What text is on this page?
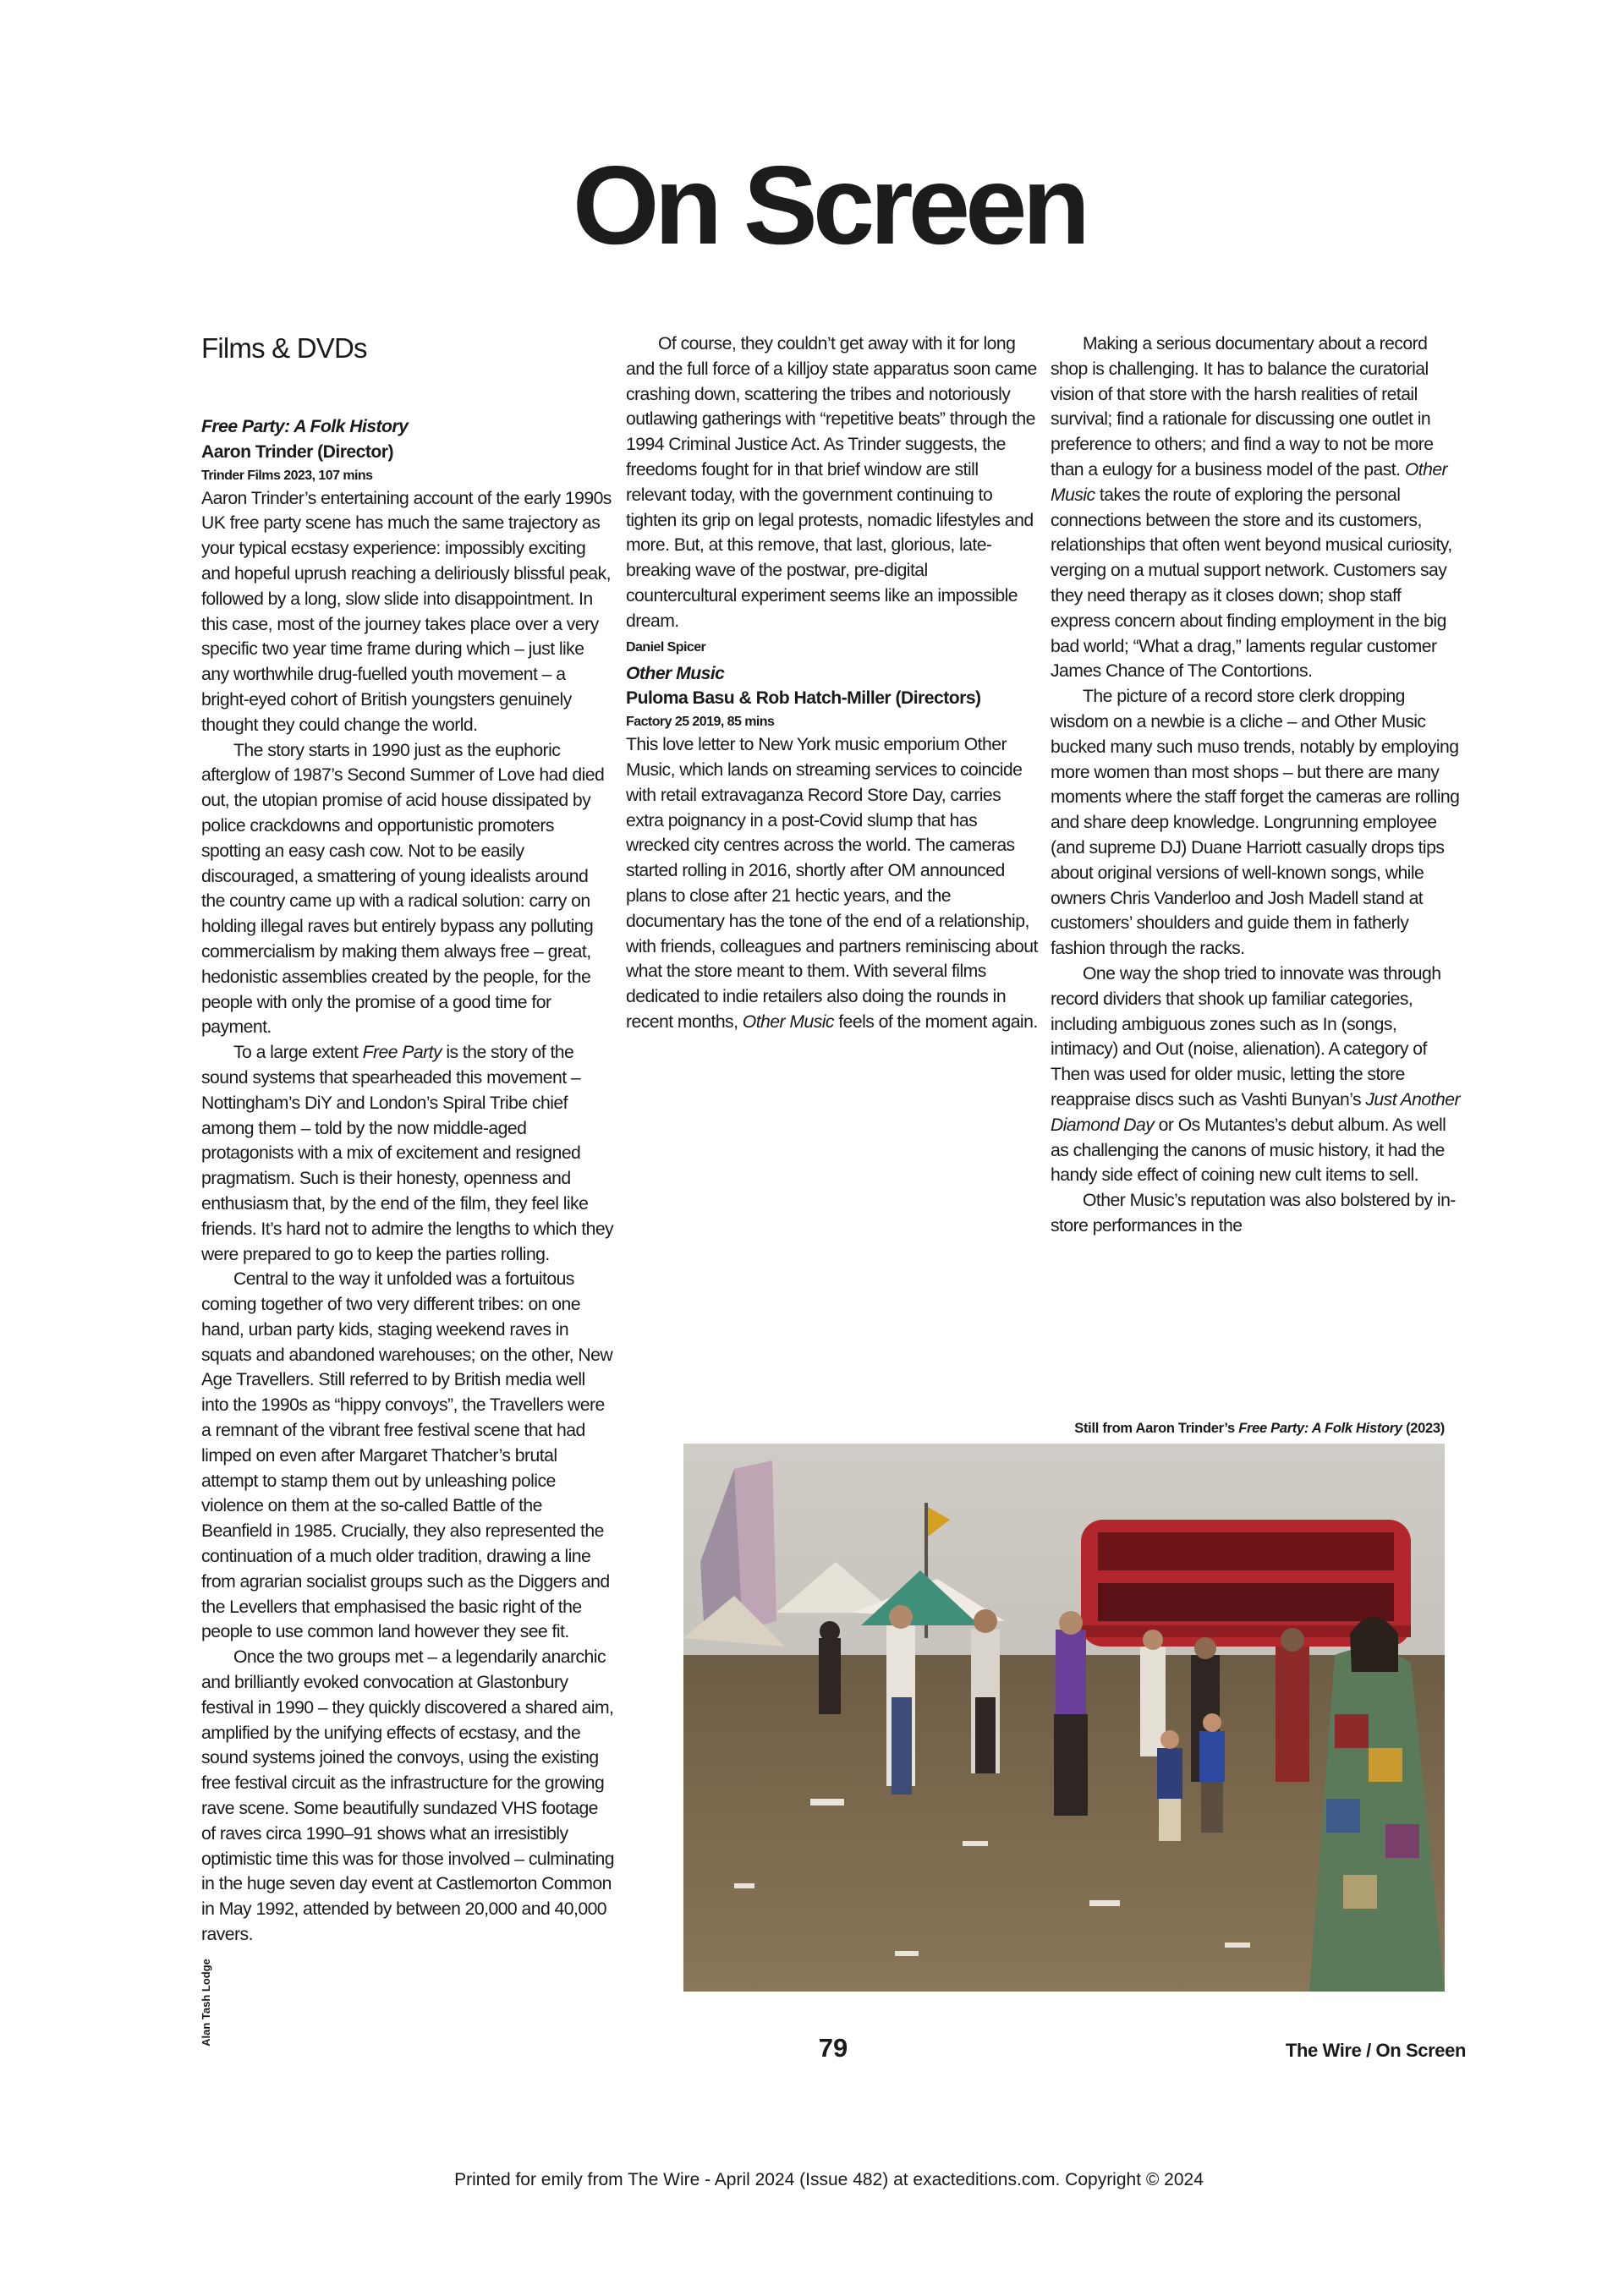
On Screen
Films & DVDs

Free Party: A Folk History

Aaron Trinder (Director)

Trinder Films 2023, 107 mins

Aaron Trinder’s entertaining account of the early 1990s UK free party scene has much the same trajectory as your typical ecstasy experience: impossibly exciting and hopeful uprush reaching a deliriously blissful peak, followed by a long, slow slide into disappointment. In this case, most of the journey takes place over a very specific two year time frame during which – just like any worthwhile drug-fuelled youth movement – a bright-eyed cohort of British youngsters genuinely thought they could change the world.

The story starts in 1990 just as the euphoric afterglow of 1987’s Second Summer of Love had died out, the utopian promise of acid house dissipated by police crackdowns and opportunistic promoters spotting an easy cash cow. Not to be easily discouraged, a smattering of young idealists around the country came up with a radical solution: carry on holding illegal raves but entirely bypass any polluting commercialism by making them always free – great, hedonistic assemblies created by the people, for the people with only the promise of a good time for payment.

To a large extent Free Party is the story of the sound systems that spearheaded this movement – Nottingham’s DiY and London’s Spiral Tribe chief among them – told by the now middle-aged protagonists with a mix of excitement and resigned pragmatism. Such is their honesty, openness and enthusiasm that, by the end of the film, they feel like friends. It’s hard not to admire the lengths to which they were prepared to go to keep the parties rolling.

Central to the way it unfolded was a fortuitous coming together of two very different tribes: on one hand, urban party kids, staging weekend raves in squats and abandoned warehouses; on the other, New Age Travellers. Still referred to by British media well into the 1990s as “hippy convoys”, the Travellers were a remnant of the vibrant free festival scene that had limped on even after Margaret Thatcher’s brutal attempt to stamp them out by unleashing police violence on them at the so-called Battle of the Beanfield in 1985. Crucially, they also represented the continuation of a much older tradition, drawing a line from agrarian socialist groups such as the Diggers and the Levellers that emphasised the basic right of the people to use common land however they see fit.

Once the two groups met – a legendarily anarchic and brilliantly evoked convocation at Glastonbury festival in 1990 – they quickly discovered a shared aim, amplified by the unifying effects of ecstasy, and the sound systems joined the convoys, using the existing free festival circuit as the infrastructure for the growing rave scene. Some beautifully sundazed VHS footage of raves circa 1990–91 shows what an irresistibly optimistic time this was for those involved – culminating in the huge seven day event at Castlemorton Common in May 1992, attended by between 20,000 and 40,000 ravers.

Of course, they couldn’t get away with it for long and the full force of a killjoy state apparatus soon came crashing down, scattering the tribes and notoriously outlawing gatherings with “repetitive beats” through the 1994 Criminal Justice Act. As Trinder suggests, the freedoms fought for in that brief window are still relevant today, with the government continuing to tighten its grip on legal protests, nomadic lifestyles and more. But, at this remove, that last, glorious, late-breaking wave of the postwar, pre-digital countercultural experiment seems like an impossible dream.

Daniel Spicer

Other Music

Puloma Basu & Rob Hatch-Miller (Directors)

Factory 25 2019, 85 mins

This love letter to New York music emporium Other Music, which lands on streaming services to coincide with retail extravaganza Record Store Day, carries extra poignancy in a post-Covid slump that has wrecked city centres across the world. The cameras started rolling in 2016, shortly after OM announced plans to close after 21 hectic years, and the documentary has the tone of the end of a relationship, with friends, colleagues and partners reminiscing about what the store meant to them. With several films dedicated to indie retailers also doing the rounds in recent months, Other Music feels of the moment again.

Making a serious documentary about a record shop is challenging. It has to balance the curatorial vision of that store with the harsh realities of retail survival; find a rationale for discussing one outlet in preference to others; and find a way to not be more than a eulogy for a business model of the past. Other Music takes the route of exploring the personal connections between the store and its customers, relationships that often went beyond musical curiosity, verging on a mutual support network. Customers say they need therapy as it closes down; shop staff express concern about finding employment in the big bad world; “What a drag,” laments regular customer James Chance of The Contortions.

The picture of a record store clerk dropping wisdom on a newbie is a cliche – and Other Music bucked many such muso trends, notably by employing more women than most shops – but there are many moments where the staff forget the cameras are rolling and share deep knowledge. Longrunning employee (and supreme DJ) Duane Harriott casually drops tips about original versions of well-known songs, while owners Chris Vanderloo and Josh Madell stand at customers’ shoulders and guide them in fatherly fashion through the racks.

One way the shop tried to innovate was through record dividers that shook up familiar categories, including ambiguous zones such as In (songs, intimacy) and Out (noise, alienation). A category of Then was used for older music, letting the store reappraise discs such as Vashti Bunyan’s Just Another Diamond Day or Os Mutantes’s debut album. As well as challenging the canons of music history, it had the handy side effect of coining new cult items to sell.

Other Music’s reputation was also bolstered by in-store performances in the

Still from Aaron Trinder’s Free Party: A Folk History (2023)
Alan Tash Lodge
79	The Wire / On Screen
Printed for emily from The Wire - April 2024 (Issue 482) at exacteditions.com. Copyright © 2024
